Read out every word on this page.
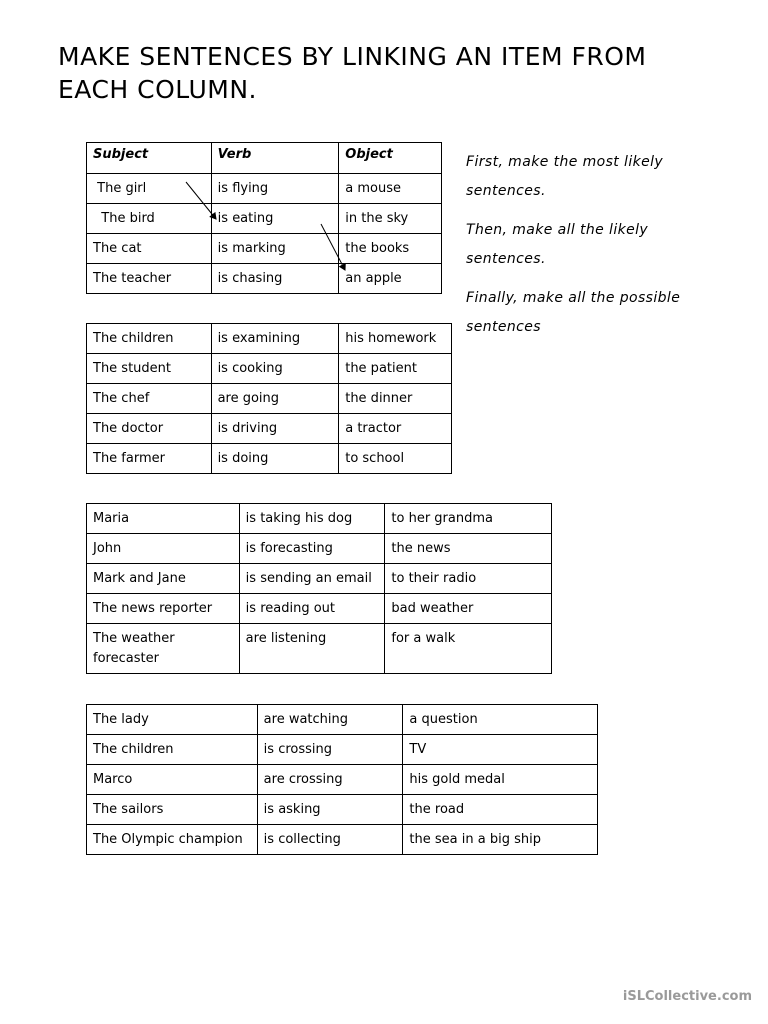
MAKE SENTENCES BY LINKING AN ITEM FROM
EACH COLUMN.
Subject	Verb	Object
The girl	is flying	a mouse
The bird	is eating	in the sky
The cat	is marking	the books
The teacher	is chasing	an apple
The children	is examining	his homework
The student	is cooking	the patient
The chef	are going	the dinner
The doctor	is driving	a tractor
The farmer	is doing	to school
Maria	is taking his dog	to her grandma
John	is forecasting	the news
Mark and Jane	is sending an email	to their radio
The news reporter	is reading out	bad weather
The weather forecaster	are listening	for a walk
The lady	are watching	a question
The children	is crossing	TV
Marco	are crossing	his gold medal
The sailors	is asking	the road
The Olympic champion	is collecting	the sea in a big ship

First, make the most likely sentences.

Then, make all the likely sentences.

Finally, make all the possible sentences

iSLCollective.com
